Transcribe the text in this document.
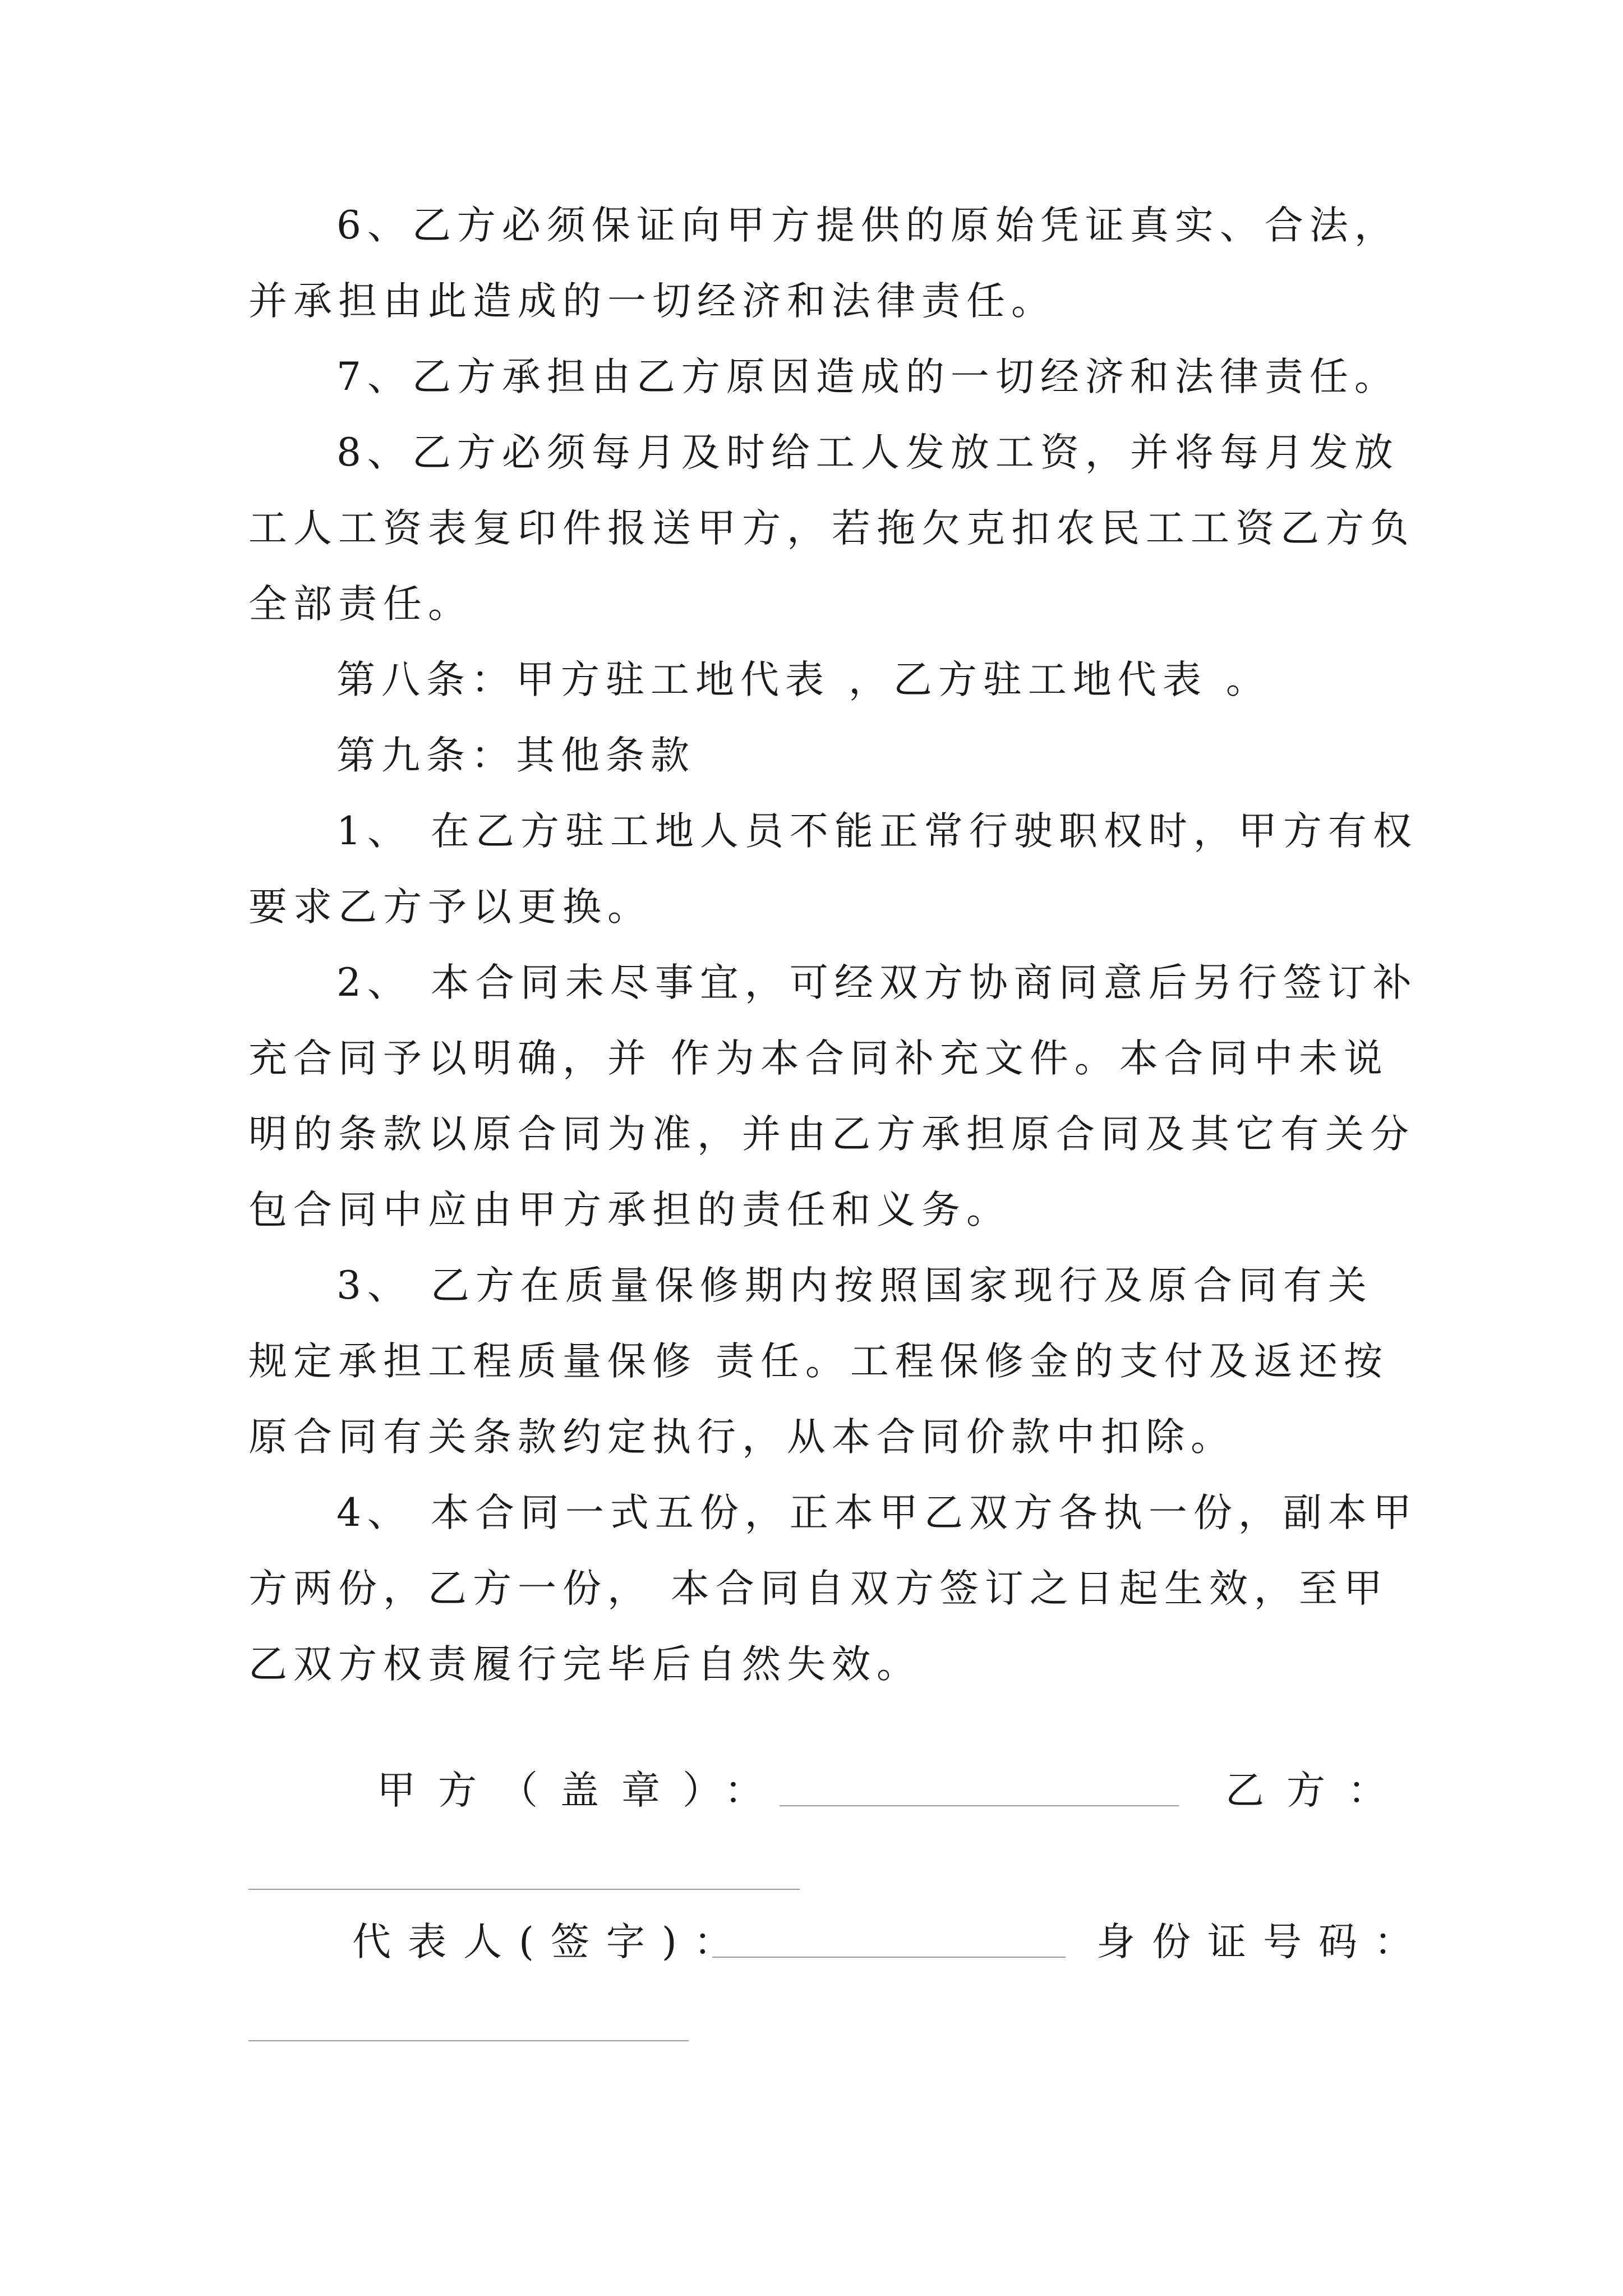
6、乙方必须保证向甲方提供的原始凭证真实、合法，
并承担由此造成的一切经济和法律责任。
7、乙方承担由乙方原因造成的一切经济和法律责任。
8、乙方必须每月及时给工人发放工资，并将每月发放
工人工资表复印件报送甲方，若拖欠克扣农民工工资乙方负
全部责任。
第八条：甲方驻工地代表 ，乙方驻工地代表 。
第九条：其他条款
1、 在乙方驻工地人员不能正常行驶职权时，甲方有权
要求乙方予以更换。
2、 本合同未尽事宜，可经双方协商同意后另行签订补
充合同予以明确，并 作为本合同补充文件。本合同中未说
明的条款以原合同为准，并由乙方承担原合同及其它有关分
包合同中应由甲方承担的责任和义务。
3、 乙方在质量保修期内按照国家现行及原合同有关
规定承担工程质量保修 责任。工程保修金的支付及返还按
原合同有关条款约定执行，从本合同价款中扣除。
4、 本合同一式五份，正本甲乙双方各执一份，副本甲
方两份，乙方一份， 本合同自双方签订之日起生效，至甲
乙双方权责履行完毕后自然失效。
甲方（盖章）：	乙方：
代表人(签字)：	身份证号码：
